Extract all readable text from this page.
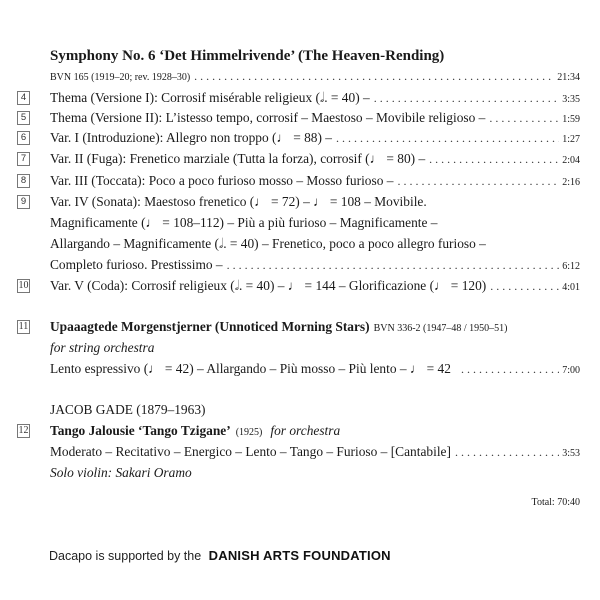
Symphony No. 6 ‘Det Himmelrivende’ (The Heaven-Rending)
BVN 165 (1919–20; rev. 1928–30) . . .	21:34
4 Thema (Versione I): Corrosif misérable religieux (𝅗𝅥. = 40) – . . .	3:35
5 Thema (Versione II): L’istesso tempo, corrosif – Maestoso – Movibile religioso – . . .	1:59
6 Var. I (Introduzione): Allegro non troppo (♩ = 88) – . . .	1:27
7 Var. II (Fuga): Frenetico marziale (Tutta la forza), corrosif (♩ = 80) – . . .	2:04
8 Var. III (Toccata): Poco a poco furioso mosso – Mosso furioso – . . .	2:16
9 Var. IV (Sonata): Maestoso frenetico (♩ = 72) – ♩ = 108 – Movibile.
Magnificamente (♩ = 108–112) – Più a più furioso – Magnificamente –
Allargando – Magnificamente (𝅗𝅥. = 40) – Frenetico, poco a poco allegro furioso –
Completo furioso. Prestissimo – . . .	6:12
10 Var. V (Coda): Corrosif religieux (𝅗𝅥. = 40) – ♩ = 144 – Glorificazione (♩ = 120) . . .	4:01
11 Upaaagtede Morgenstjerner (Unnoticed Morning Stars) BVN 336-2 (1947–48 / 1950–51)
for string orchestra
Lento espressivo (♩ = 42) – Allargando – Più mosso – Più lento – ♩ = 42 . . .	7:00
JACOB GADE (1879–1963)
12 Tango Jalousie ‘Tango Tzigane’ (1925) for orchestra
Moderato – Recitativo – Energico – Lento – Tango – Furioso – [Cantabile] . . .	3:53
Solo violin: Sakari Oramo
Total: 70:40
Dacapo is supported by the DANISH ARTS FOUNDATION
